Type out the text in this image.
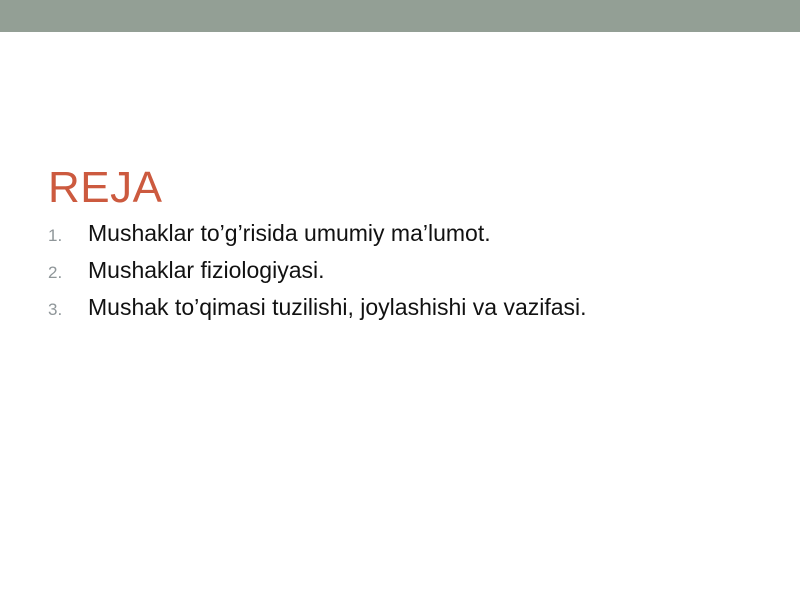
REJA
1.	Mushaklar to’g’risida umumiy ma’lumot.
2.	Mushaklar fiziologiyasi.
3.	Mushak to’qimasi tuzilishi, joylashishi va vazifasi.
